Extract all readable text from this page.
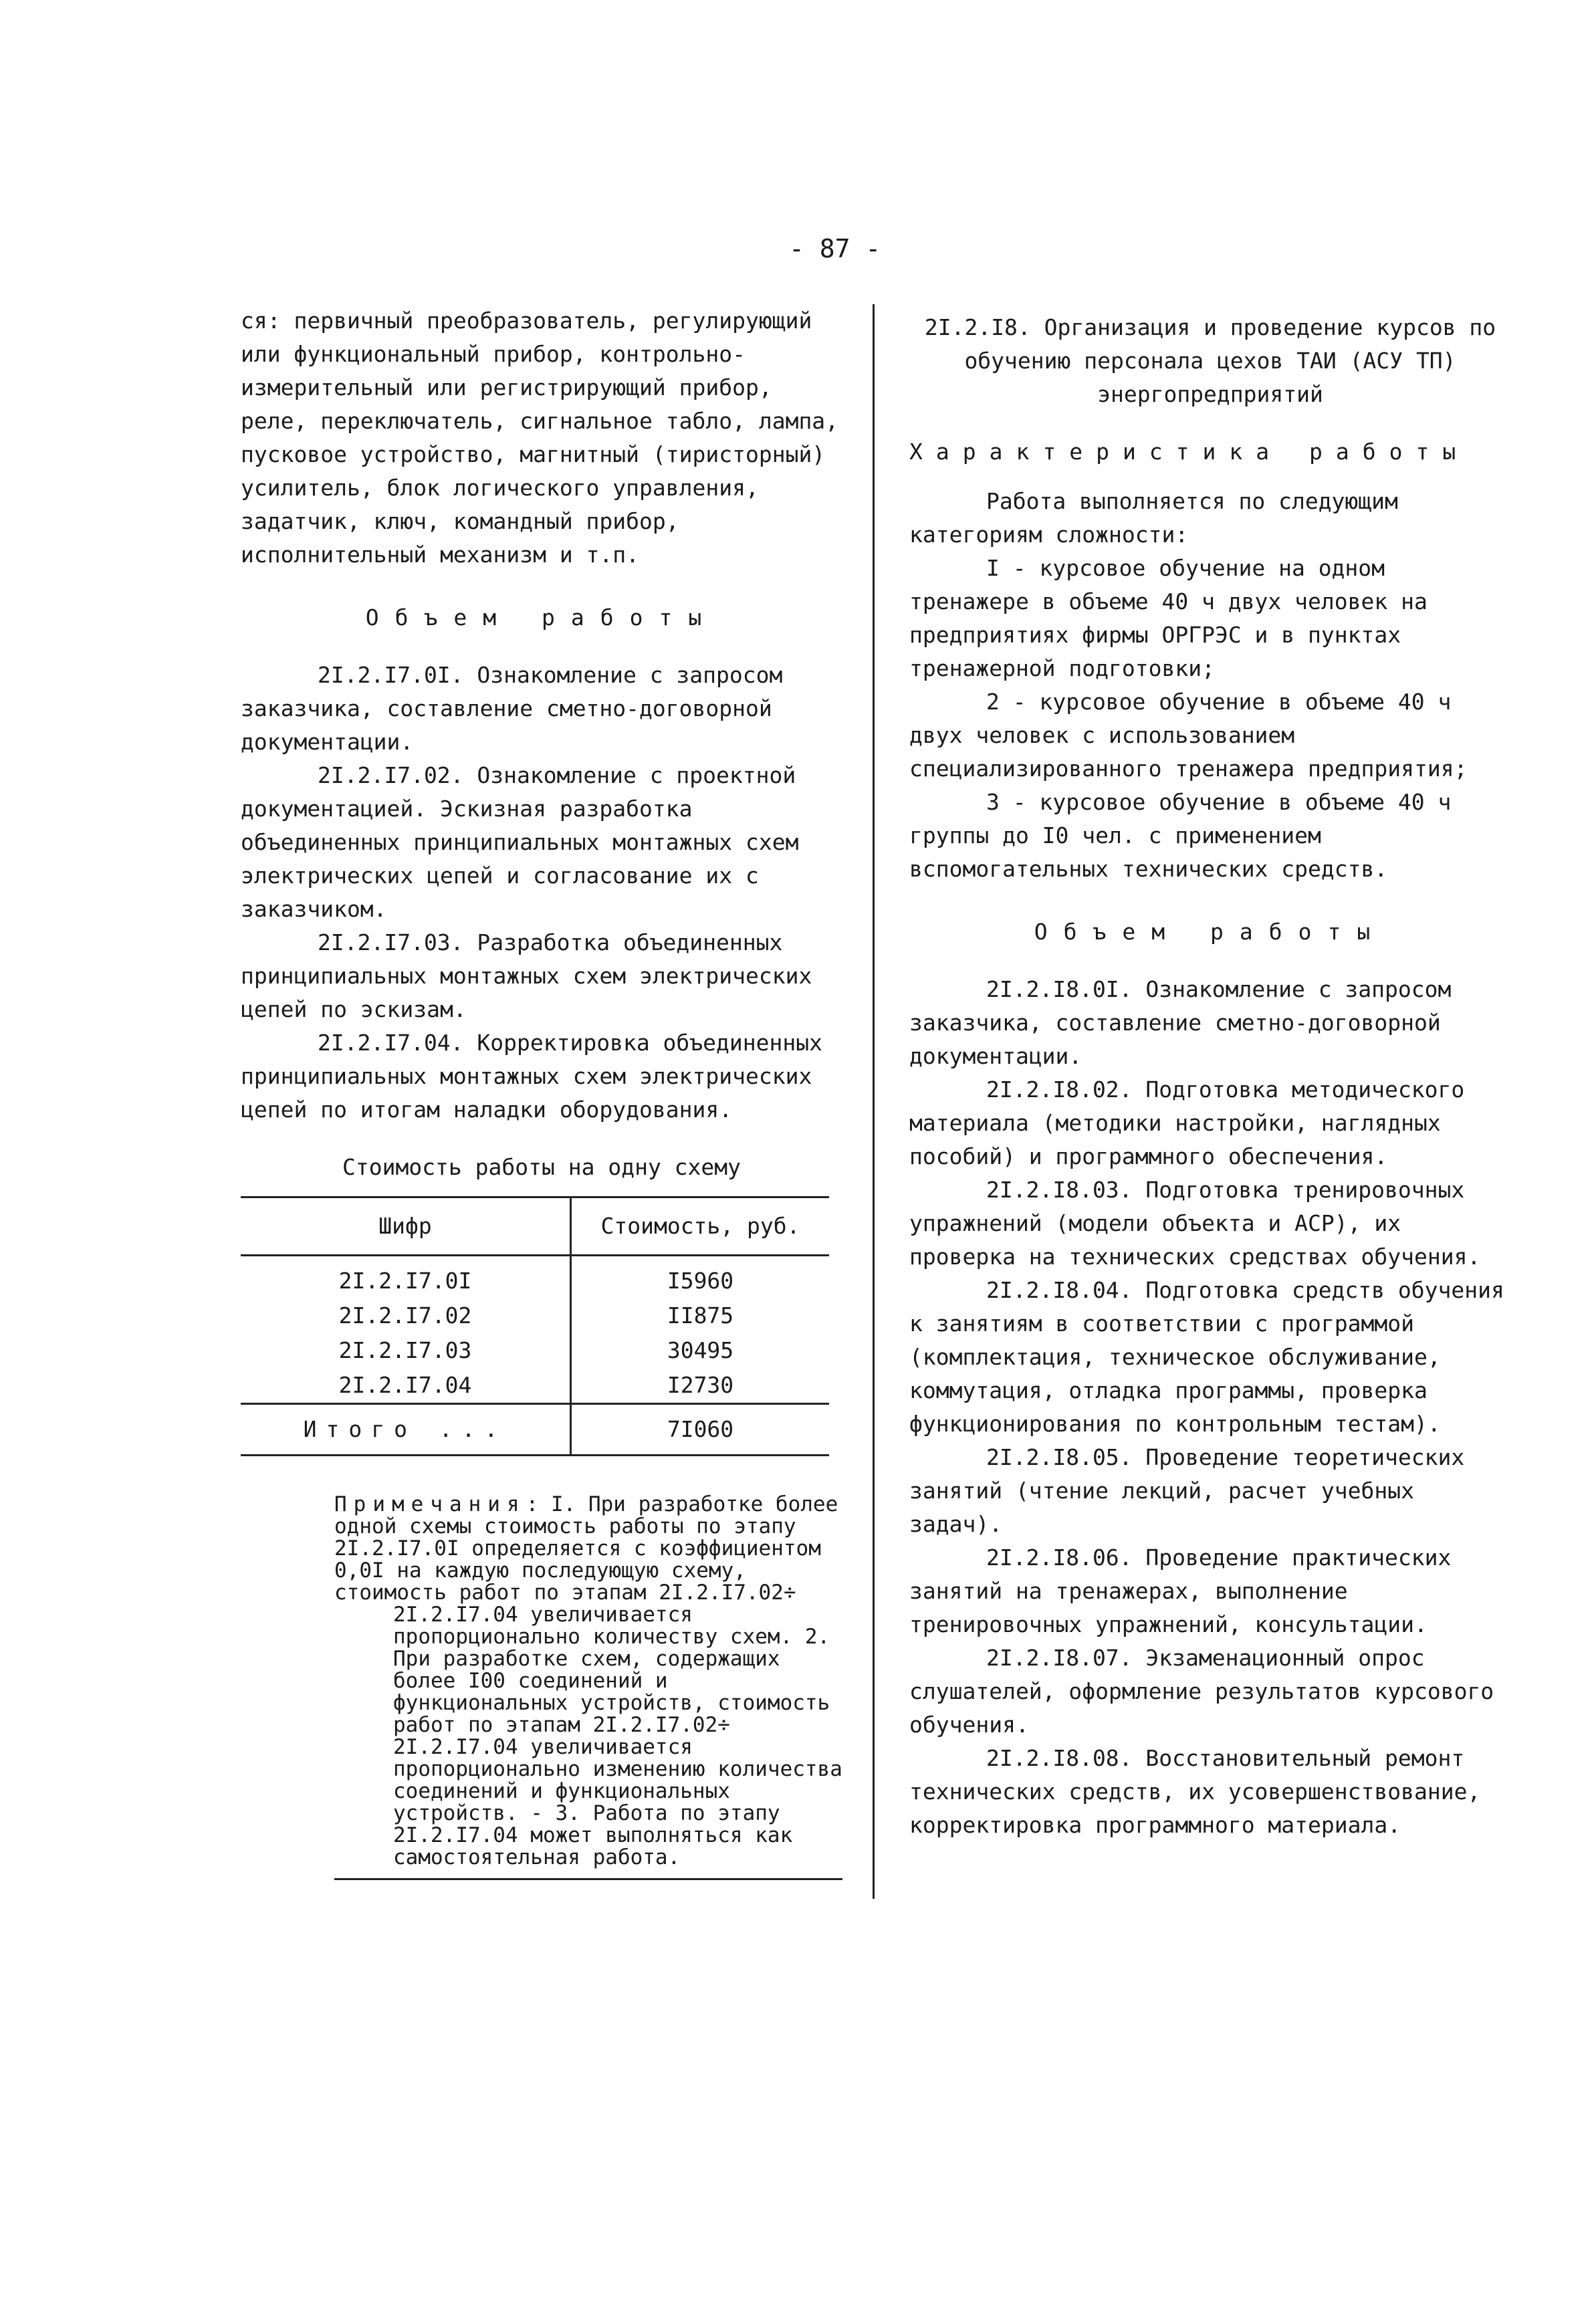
- 87 -

ся: первичный преобразователь, регулирующий или функциональный прибор, контрольно-измерительный или регистрирующий прибор, реле, переключатель, сигнальное табло, лампа, пусковое устройство, магнитный (тиристорный) усилитель, блок логического управления, задатчик, ключ, командный прибор, исполнительный механизм и т.п.

Объем работы

2I.2.I7.0I. Ознакомление с запросом заказчика, составление сметно-договорной документации.

2I.2.I7.02. Ознакомление с проектной документацией. Эскизная разработка объединенных принципиальных монтажных схем электрических цепей и согласование их с заказчиком.

2I.2.I7.03. Разработка объединенных принципиальных монтажных схем электрических цепей по эскизам.

2I.2.I7.04. Корректировка объединенных принципиальных монтажных схем электрических цепей по итогам наладки оборудования.

Стоимость работы на одну схему

Шифр	Стоимость, руб.
2I.2.I7.0I	I5960
2I.2.I7.02	II875
2I.2.I7.03	30495
2I.2.I7.04	I2730
Итого ...	7I060

Примечания: I. При разработке более одной схемы стоимость работы по этапу 2I.2.I7.0I определяется с коэффициентом 0,0I на каждую последующую схему, стоимость работ по этапам 2I.2.I7.02÷

2I.2.I7.04 увеличивается пропорционально количеству схем. 2. При разработке схем, содержащих более I00 соединений и функциональных устройств, стоимость работ по этапам 2I.2.I7.02÷ 2I.2.I7.04 увеличивается пропорционально изменению количества соединений и функциональных устройств. - 3. Работа по этапу 2I.2.I7.04 может выполняться как самостоятельная работа.

2I.2.I8. Организация и проведение курсов по обучению персонала цехов ТАИ (АСУ ТП) энергопредприятий

Характеристика работы

Работа выполняется по следующим категориям сложности:

I - курсовое обучение на одном тренажере в объеме 40 ч двух человек на предприятиях фирмы ОРГРЭС и в пунктах тренажерной подготовки;

2 - курсовое обучение в объеме 40 ч двух человек с использованием специализированного тренажера предприятия;

3 - курсовое обучение в объеме 40 ч группы до I0 чел. с применением вспомогательных технических средств.

Объем работы

2I.2.I8.0I. Ознакомление с запросом заказчика, составление сметно-договорной документации.

2I.2.I8.02. Подготовка методического материала (методики настройки, наглядных пособий) и программного обеспечения.

2I.2.I8.03. Подготовка тренировочных упражнений (модели объекта и АСР), их проверка на технических средствах обучения.

2I.2.I8.04. Подготовка средств обучения к занятиям в соответствии с программой (комплектация, техническое обслуживание, коммутация, отладка программы, проверка функционирования по контрольным тестам).

2I.2.I8.05. Проведение теоретических занятий (чтение лекций, расчет учебных задач).

2I.2.I8.06. Проведение практических занятий на тренажерах, выполнение тренировочных упражнений, консультации.

2I.2.I8.07. Экзаменационный опрос слушателей, оформление результатов курсового обучения.

2I.2.I8.08. Восстановительный ремонт технических средств, их усовершенствование, корректировка программного материала.
